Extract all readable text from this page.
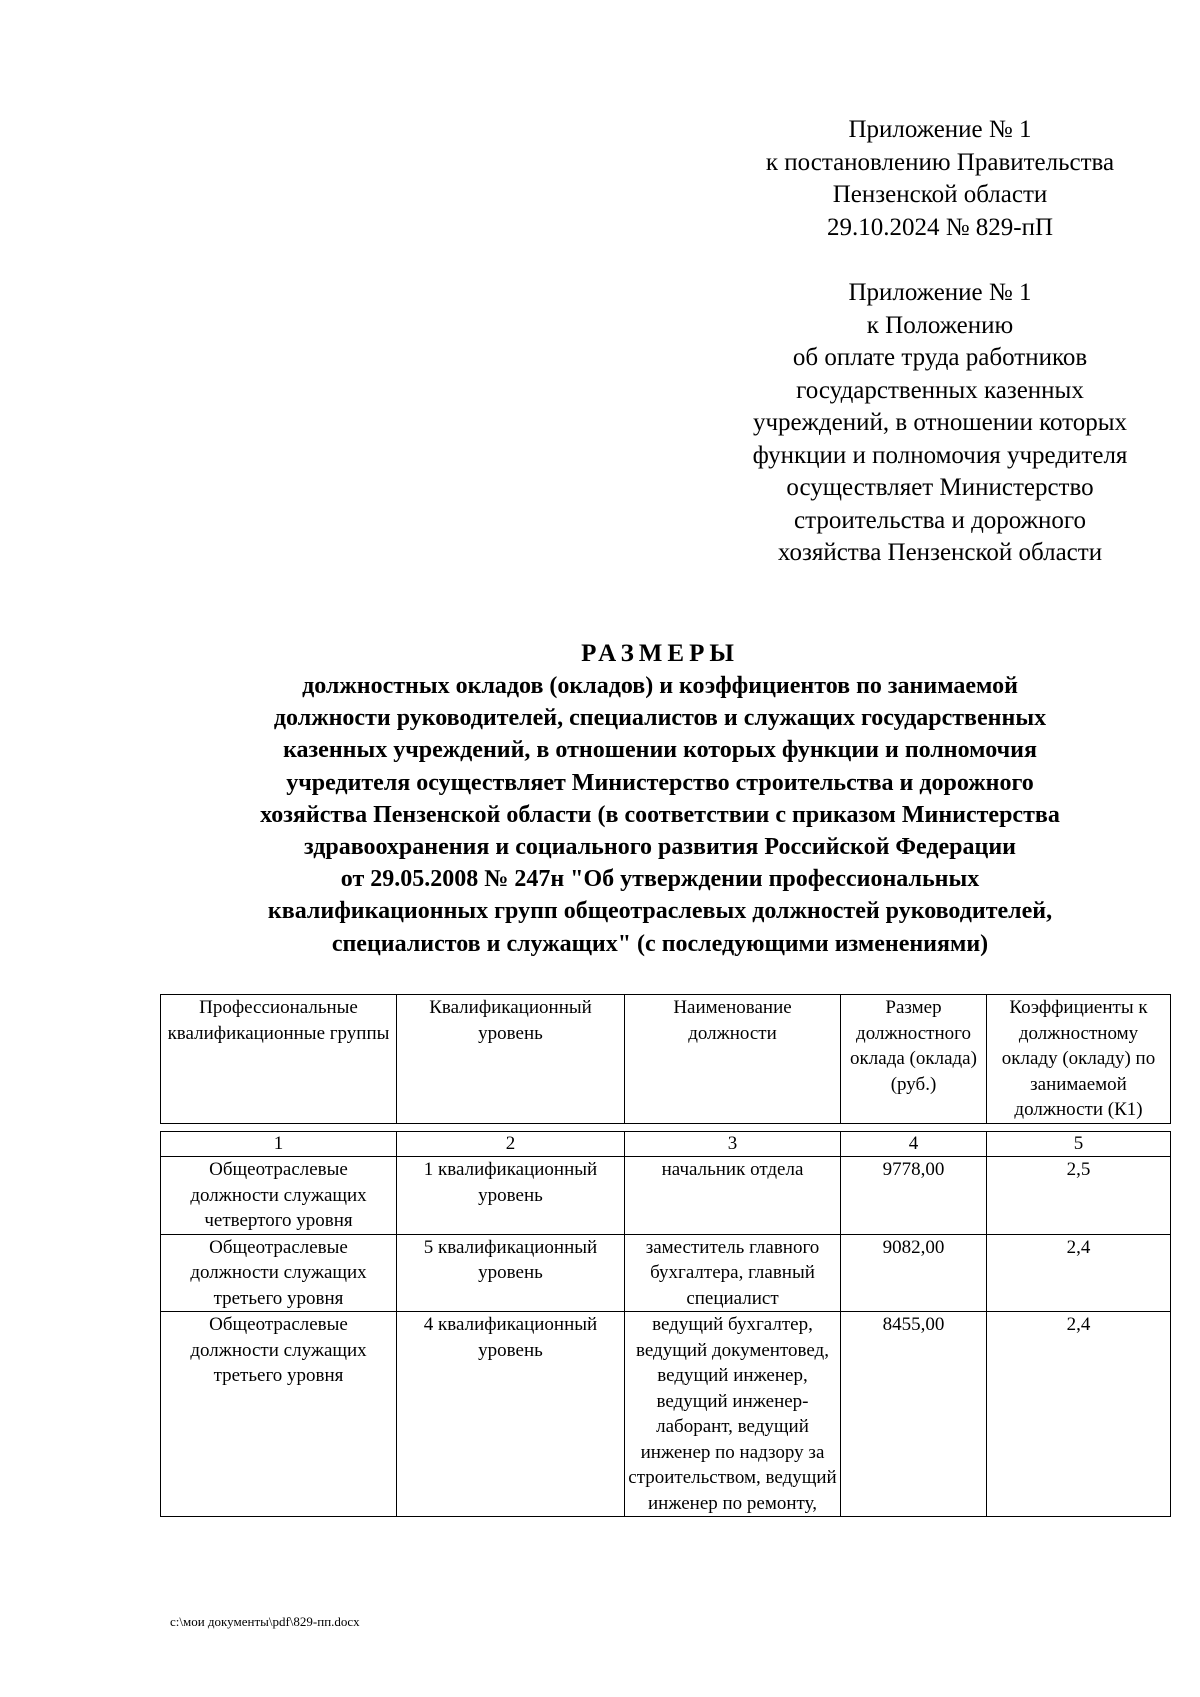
Приложение № 1
к постановлению Правительства
Пензенской области
29.10.2024 № 829-пП
Приложение № 1
к Положению
об оплате труда работников
государственных казенных
учреждений, в отношении которых
функции и полномочия учредителя
осуществляет Министерство
строительства и дорожного
хозяйства Пензенской области
РАЗМЕРЫ
должностных окладов (окладов) и коэффициентов по занимаемой
должности руководителей, специалистов и служащих государственных
казенных учреждений, в отношении которых функции и полномочия
учредителя осуществляет Министерство строительства и дорожного
хозяйства Пензенской области (в соответствии с приказом Министерства
здравоохранения и социального развития Российской Федерации
от 29.05.2008 № 247н "Об утверждении профессиональных
квалификационных групп общеотраслевых должностей руководителей,
специалистов и служащих" (с последующими изменениями)
Профессиональные квалификационные группы	Квалификационный уровень	Наименование должности	Размер должностного оклада (оклада) (руб.)	Коэффициенты к должностному окладу (окладу) по занимаемой должности (К1)
1	2	3	4	5
Общеотраслевые должности служащих четвертого уровня	1 квалификационный уровень	начальник отдела	9778,00	2,5
Общеотраслевые должности служащих третьего уровня	5 квалификационный уровень	заместитель главного бухгалтера, главный специалист	9082,00	2,4
Общеотраслевые должности служащих третьего уровня	4 квалификационный уровень	ведущий бухгалтер, ведущий документовед, ведущий инженер, ведущий инженер-лаборант, ведущий инженер по надзору за строительством, ведущий инженер по ремонту,	8455,00	2,4
c:\мои документы\pdf\829-пп.docx
